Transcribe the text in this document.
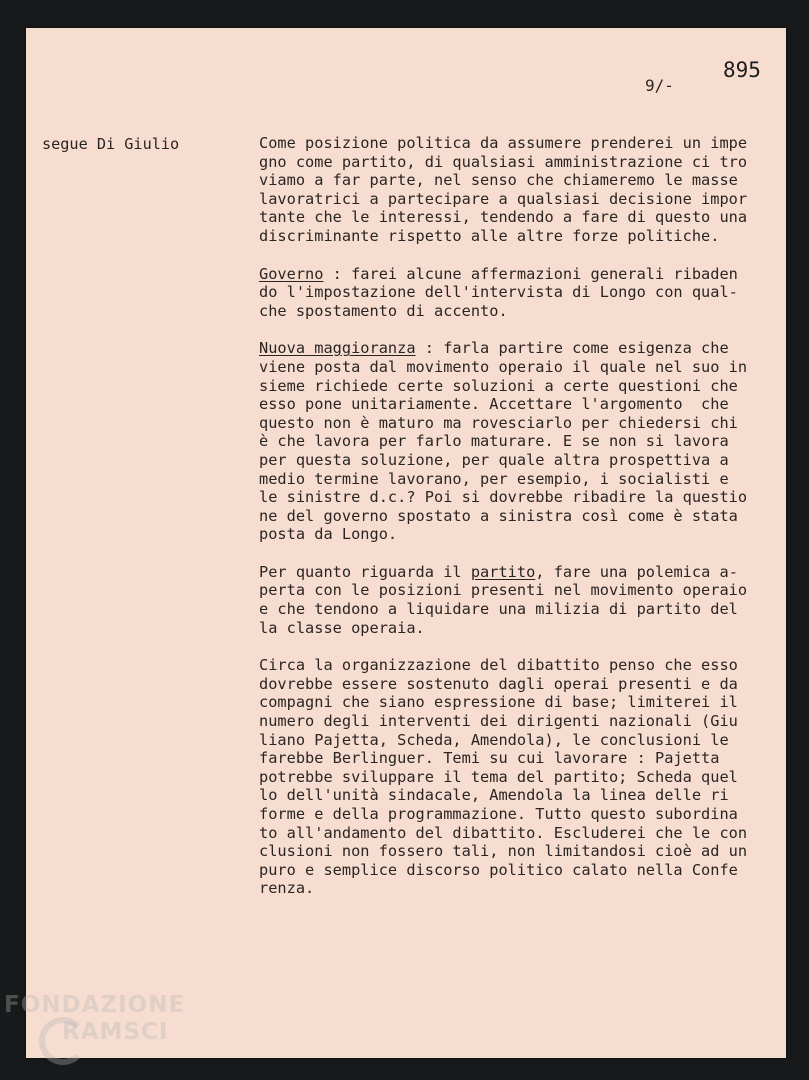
895
9/-
segue Di Giulio	Come posizione politica da assumere prenderei un impe
gno come partito, di qualsiasi amministrazione ci tro
viamo a far parte, nel senso che chiameremo le masse
lavoratrici a partecipare a qualsiasi decisione impor
tante che le interessi, tendendo a fare di questo una
discriminante rispetto alle altre forze politiche.
Governo : farei alcune affermazioni generali ribaden
do l'impostazione dell'intervista di Longo con qual-
che spostamento di accento.
Nuova maggioranza : farla partire come esigenza che
viene posta dal movimento operaio il quale nel suo in
sieme richiede certe soluzioni a certe questioni che
esso pone unitariamente. Accettare l'argomento  che
questo non è maturo ma rovesciarlo per chiedersi chi
è che lavora per farlo maturare. E se non si lavora
per questa soluzione, per quale altra prospettiva a
medio termine lavorano, per esempio, i socialisti e
le sinistre d.c.? Poi si dovrebbe ribadire la questio
ne del governo spostato a sinistra così come è stata
posta da Longo.
Per quanto riguarda il partito, fare una polemica a-
perta con le posizioni presenti nel movimento operaio
e che tendono a liquidare una milizia di partito del
la classe operaia.
Circa la organizzazione del dibattito penso che esso
dovrebbe essere sostenuto dagli operai presenti e da
compagni che siano espressione di base; limiterei il
numero degli interventi dei dirigenti nazionali (Giu
liano Pajetta, Scheda, Amendola), le conclusioni le
farebbe Berlinguer. Temi su cui lavorare : Pajetta
potrebbe sviluppare il tema del partito; Scheda quel
lo dell'unità sindacale, Amendola la linea delle ri
forme e della programmazione. Tutto questo subordina
to all'andamento del dibattito. Escluderei che le con
clusioni non fossero tali, non limitandosi cioè ad un
puro e semplice discorso politico calato nella Confe
renza.
FONDAZIONE
RAMSCI
